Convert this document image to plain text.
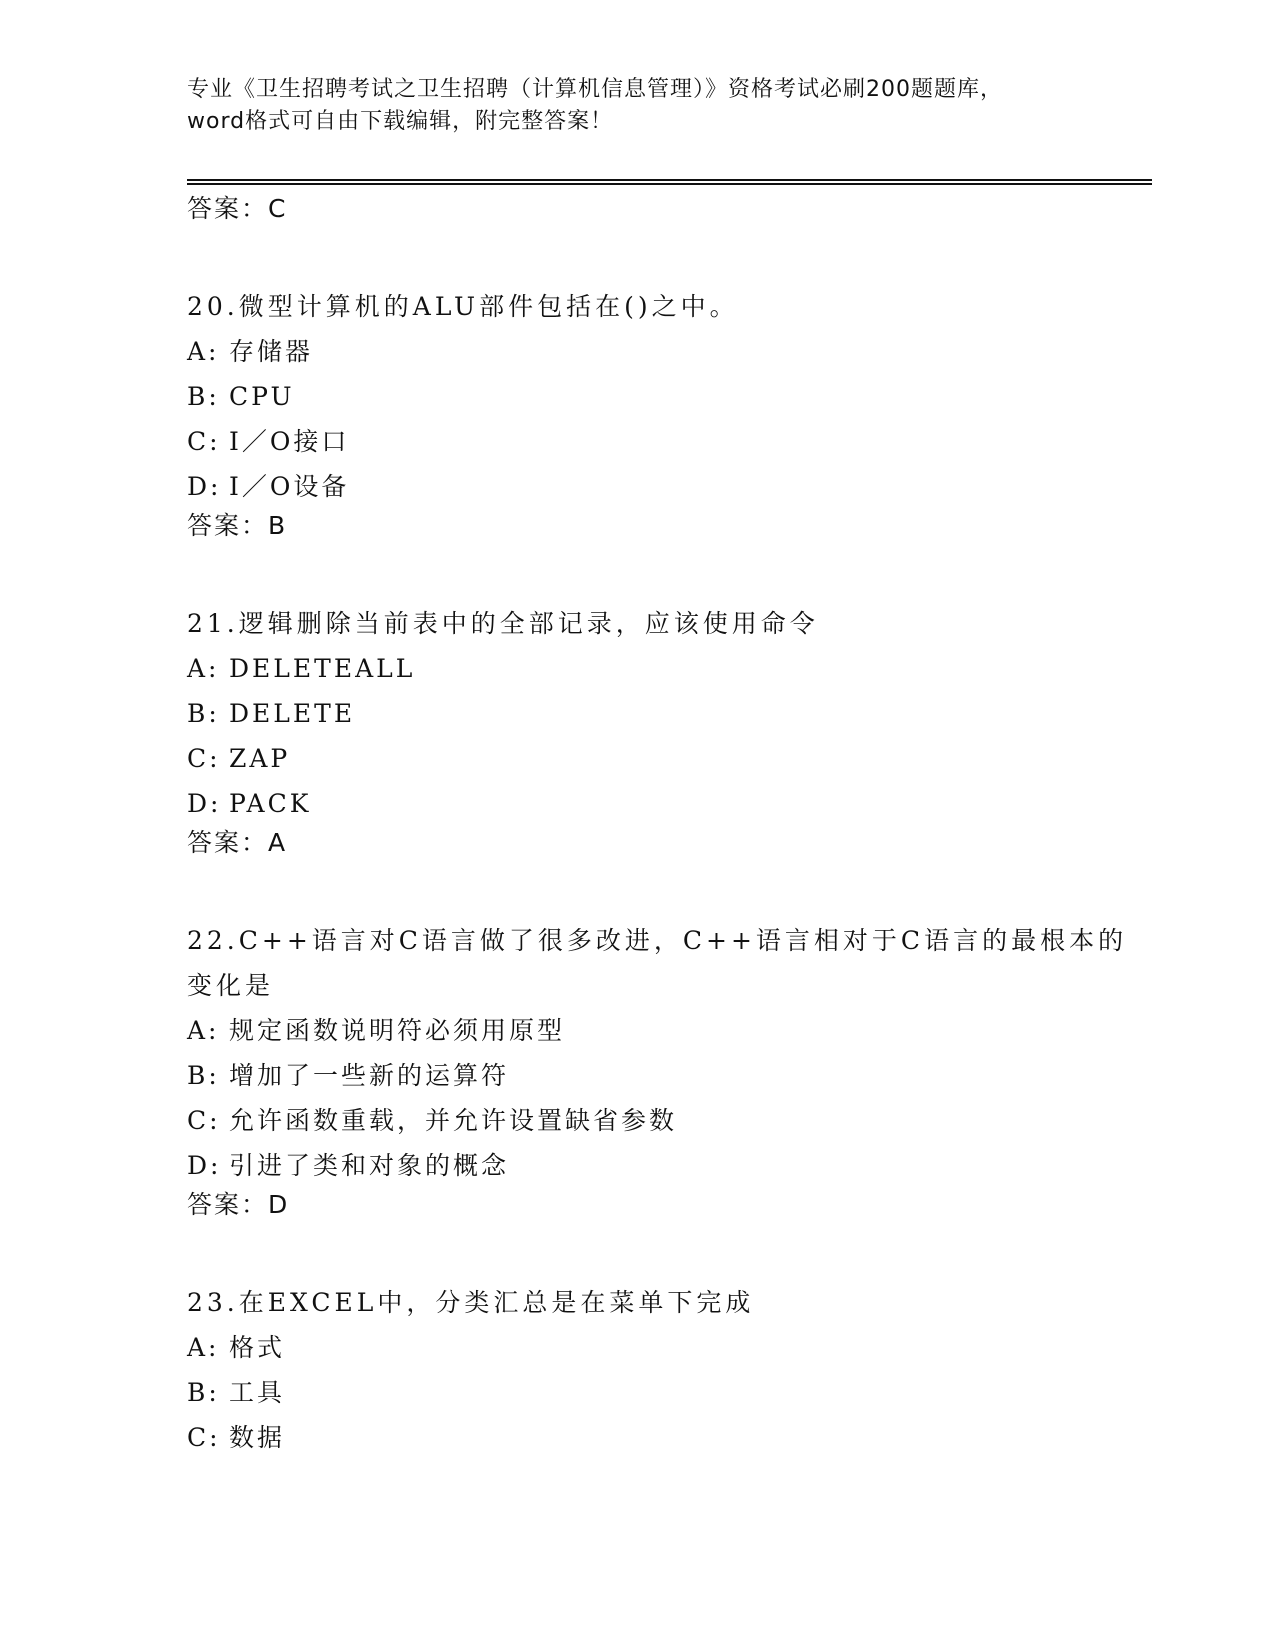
专业《卫生招聘考试之卫生招聘（计算机信息管理）》资格考试必刷200题题库，
word格式可自由下载编辑，附完整答案！
答案：C
20.微型计算机的ALU部件包括在()之中。
A: 存储器
B: CPU
C: I／O接口
D: I／O设备
答案：B
21.逻辑删除当前表中的全部记录，应该使用命令
A: DELETEALL
B: DELETE
C: ZAP
D: PACK
答案：A
22.C++语言对C语言做了很多改进，C++语言相对于C语言的最根本的
变化是
A: 规定函数说明符必须用原型
B: 增加了一些新的运算符
C: 允许函数重载，并允许设置缺省参数
D: 引进了类和对象的概念
答案：D
23.在EXCEL中，分类汇总是在菜单下完成
A: 格式
B: 工具
C: 数据
